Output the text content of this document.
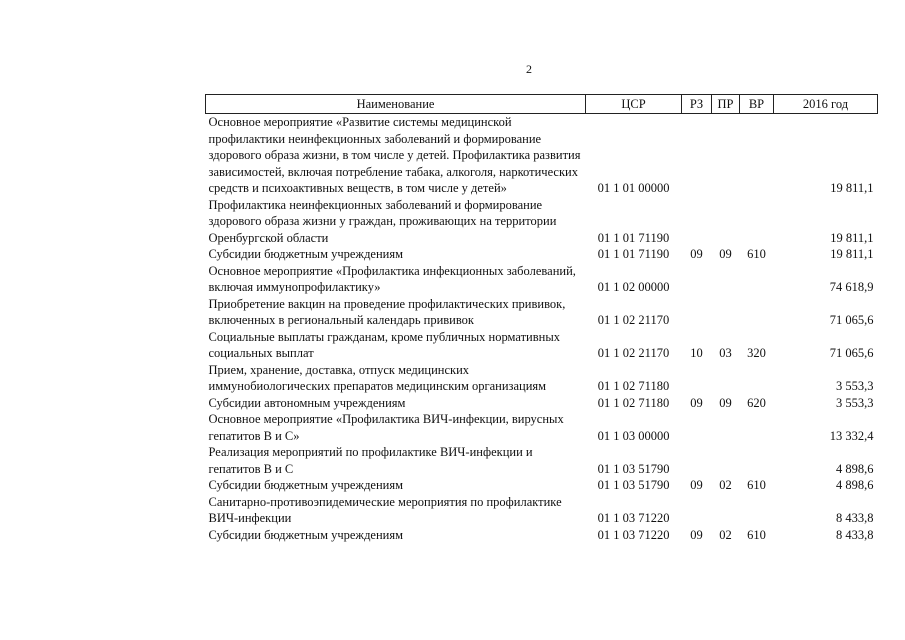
2
Наименование	ЦСР	РЗ	ПР	ВР	2016 год
Основное мероприятие «Развитие системы медицинской профилактики неинфекционных заболеваний и формирование здорового образа жизни, в том числе у детей. Профилактика развития зависимостей, включая потребление табака, алкоголя, наркотических средств и психоактивных веществ, в том числе у детей»	01 1 01 00000				19 811,1
Профилактика неинфекционных заболеваний и формирование здорового образа жизни у граждан, проживающих на территории Оренбургской области	01 1 01 71190				19 811,1
Субсидии бюджетным учреждениям	01 1 01 71190	09	09	610	19 811,1
Основное мероприятие «Профилактика инфекционных заболеваний, включая иммунопрофилактику»	01 1 02 00000				74 618,9
Приобретение вакцин на проведение профилактических прививок, включенных в региональный календарь прививок	01 1 02 21170				71 065,6
Социальные выплаты гражданам, кроме публичных нормативных социальных выплат	01 1 02 21170	10	03	320	71 065,6
Прием, хранение, доставка, отпуск медицинских иммунобиологических препаратов медицинским организациям	01 1 02 71180				3 553,3
Субсидии автономным учреждениям	01 1 02 71180	09	09	620	3 553,3
Основное мероприятие «Профилактика ВИЧ-инфекции, вирусных гепатитов В и С»	01 1 03 00000				13 332,4
Реализация мероприятий по профилактике ВИЧ-инфекции и гепатитов В и С	01 1 03 51790				4 898,6
Субсидии бюджетным учреждениям	01 1 03 51790	09	02	610	4 898,6
Санитарно-противоэпидемические мероприятия по профилактике ВИЧ-инфекции	01 1 03 71220				8 433,8
Субсидии бюджетным учреждениям	01 1 03 71220	09	02	610	8 433,8
